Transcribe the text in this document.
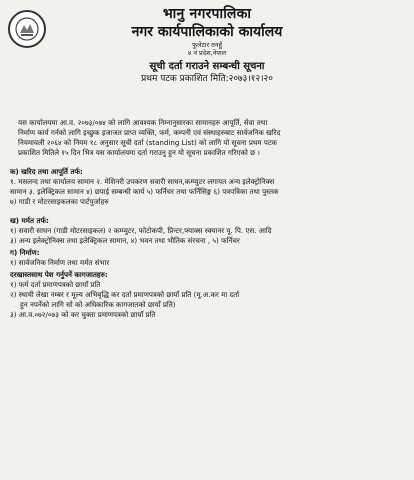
भानु नगरपालिका
नगर कार्यपालिकाको कार्यालय
फुलेटार तनहुँ
४ नं प्रदेश,नेपाल
सूची दर्ता गराउने सम्बन्धी सूचना
प्रथम पटक प्रकाशित मिति:२०७३।१२।२०
यस कार्यालयमा आ.व. २०७३/०७४ को लागि आवश्यक निम्नानुसारका सामानहरु आपूर्ति, सेवा तथा
निर्माण कार्य गर्नको लागि इच्छुक इजाजत प्राप्त व्यक्ति, फर्म, कम्पनी एवं संस्थाहरुबाट सार्वजनिक खरिद
नियमावली २०६४ को नियम १८ अनुसार सूची दर्ता (standing List) को लागि यो सूचना प्रथम पटक
प्रकाशित मितिले १५ दिन भित्र यस कार्यालयमा दर्ता गराउनु हुन यो सूचना प्रकाशित गरिएको छ ।
क) खरिद तथा आपूर्ति तर्फ:
१. मसलन्द तथा कार्यालय सामान २. मेशिनरी उपकरण सवारी साधन,कम्प्युटर लगायत अन्य इलेक्ट्रोनिक्स
सामान ३. इलेक्ट्रिकल सामान ४) छपाई सम्बन्धी कार्य ५) फर्निचर तथा फर्निसिङ्ग ६) पत्रपत्रिका तथा पुस्तक
७) गाडी र मोटरसाइकलका पार्टपुर्जाहरु
ख) मर्मत तर्फ:
१) सवारी साधन (गाडी मोटरसाइकल) २ कम्प्युटर, फोटोकपी, प्रिन्टर,फ्याक्स स्क्यानर यू. पि. एस. आदि
३) अन्य इलेक्ट्रोनिक्स तथा इलेक्ट्रिकल सामान, ४) भवन तथा भौतिक संरचना , ५) फर्निचर
ग) निर्माण:
१) सार्वजनिक निर्माण तथा मर्मत संभार
दरखास्तसाथ पेश गर्नुपर्ने कागजातहरु:
१) फर्म दर्ता प्रमाणपत्रको छायाँ प्रति
२) स्थायी लेखा नम्बर र मूल्य अभिबृद्धि कर दर्ता प्रमाणपत्रको छायाँ प्रति (मू.अ.कर मा दर्ता
हुन नपर्नेको लागि सो को अधिकारिक कागजातको छायाँ प्रति)
३) आ.व.०७२/०७३ को कर चुक्ता प्रमाणपत्रको छायाँ प्रति
